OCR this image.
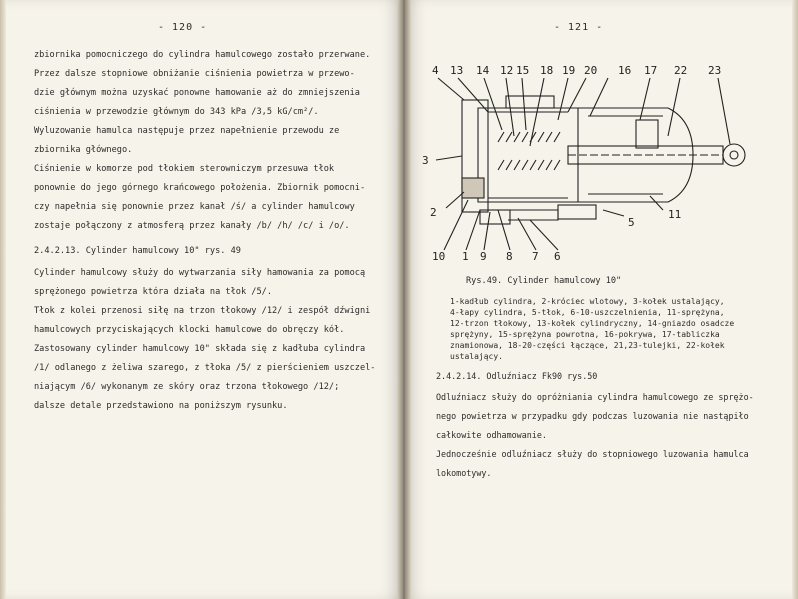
- 120 -
zbiornika pomocniczego do cylindra hamulcowego zostało przerwane.
Przez dalsze stopniowe obniżanie ciśnienia powietrza w przewo-
dzie głównym można uzyskać ponowne hamowanie aż do zmniejszenia
ciśnienia w przewodzie głównym do 343 kPa /3,5 kG/cm²/.
Wyluzowanie hamulca następuje przez napełnienie przewodu ze
zbiornika głównego.
Ciśnienie w komorze pod tłokiem sterowniczym przesuwa tłok
ponownie do jego górnego krańcowego położenia. Zbiornik pomocni-
czy napełnia się ponownie przez kanał /ś/ a cylinder hamulcowy
zostaje połączony z atmosferą przez kanały /b/ /h/ /c/ i /o/.
2.4.2.13. Cylinder hamulcowy 10" rys. 49
Cylinder hamulcowy służy do wytwarzania siły hamowania za pomocą
sprężonego powietrza która działa na tłok /5/.
Tłok z kolei przenosi siłę na trzon tłokowy /12/ i zespół dźwigni
hamulcowych przyciskających klocki hamulcowe do obręczy kół.
Zastosowany cylinder hamulcowy 10" składa się z kadłuba cylindra
/1/ odlanego z żeliwa szarego, z tłoka /5/ z pierścieniem uszczel-
niającym /6/ wykonanym ze skóry oraz trzona tłokowego /12/;
dalsze detale przedstawiono na poniższym rysunku.
- 121 -
4 13 14 12 15 18 19 20 16 17 22 23
3
2
5
11
10 1 9 8 7 6
Rys.49. Cylinder hamulcowy 10"
1-kadłub cylindra, 2-króciec wlotowy, 3-kołek ustalający,
4-łapy cylindra, 5-tłok, 6-10-uszczelnienia, 11-sprężyna,
12-trzon tłokowy, 13-kołek cylindryczny, 14-gniazdo osadcze
sprężyny, 15-sprężyna powrotna, 16-pokrywa, 17-tabliczka
znamionowa, 18-20-części łączące, 21,23-tulejki, 22-kołek
ustalający.
2.4.2.14. Odluźniacz Fk90 rys.50
Odluźniacz służy do opróżniania cylindra hamulcowego ze sprężo-
nego powietrza w przypadku gdy podczas luzowania nie nastąpiło
całkowite odhamowanie.
Jednocześnie odluźniacz służy do stopniowego luzowania hamulca
lokomotywy.
